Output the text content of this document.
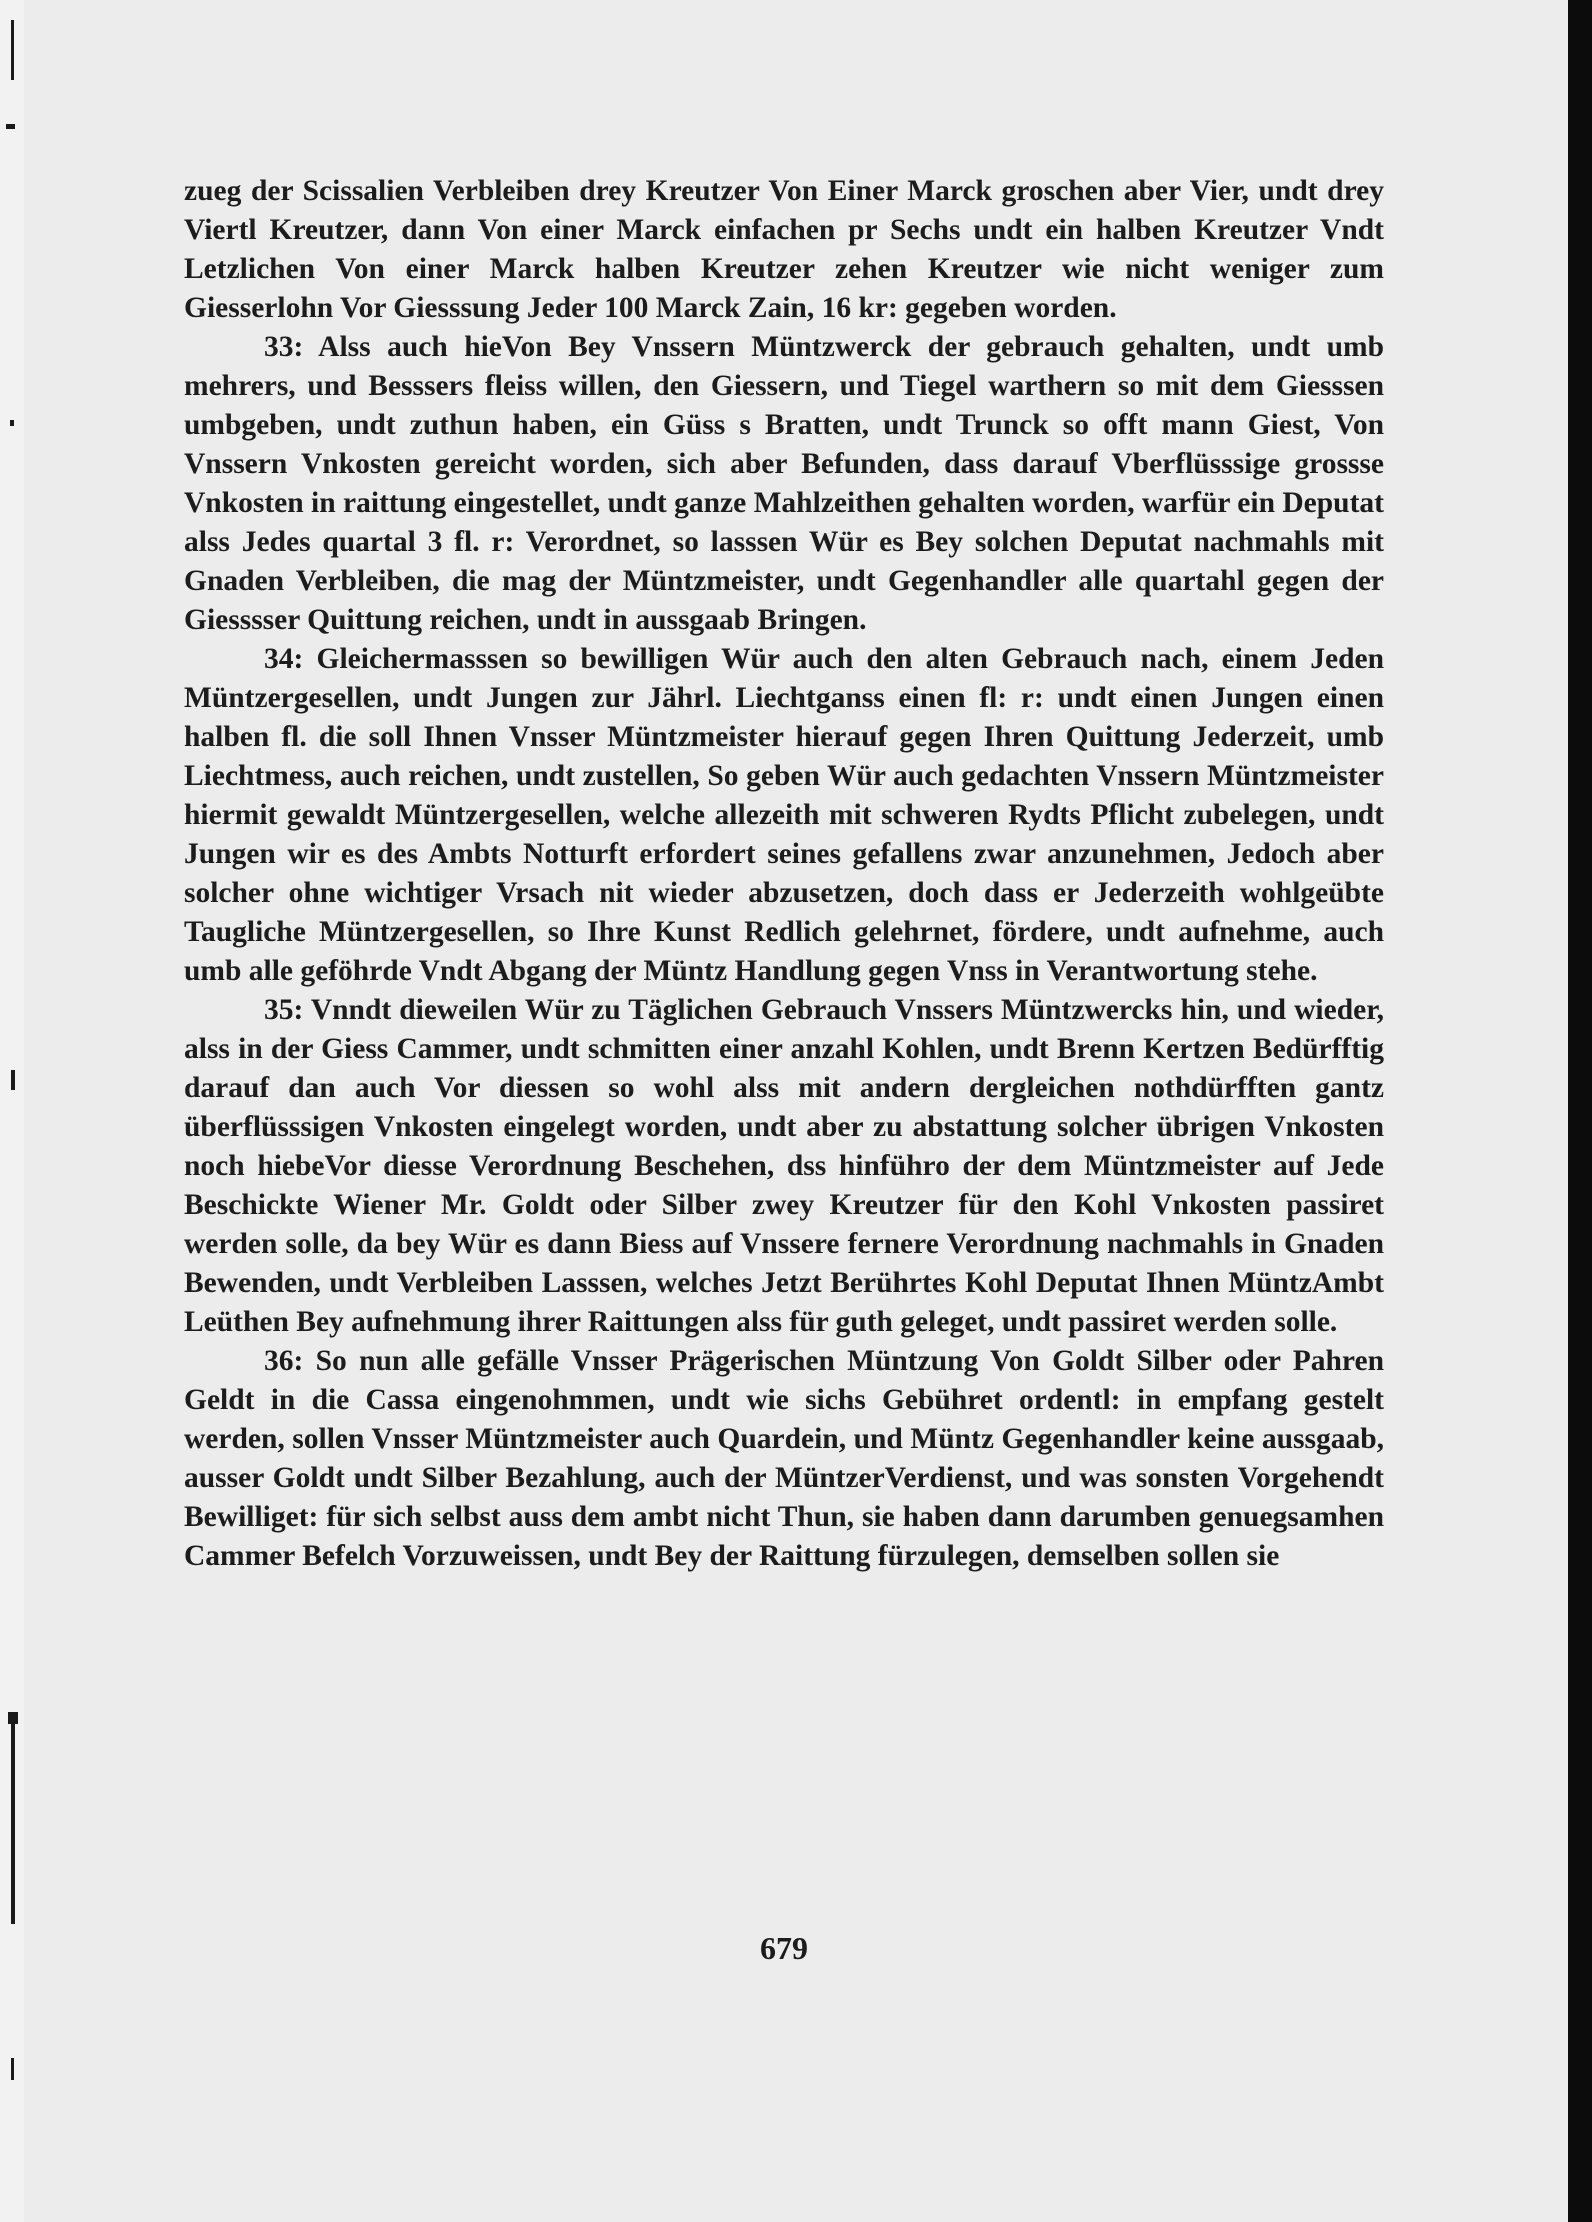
zueg der Scissalien Verbleiben drey Kreutzer Von Einer Marck groschen aber Vier, undt drey Viertl Kreutzer, dann Von einer Marck einfachen pr Sechs undt ein halben Kreutzer Vndt Letzlichen Von einer Marck halben Kreutzer zehen Kreutzer wie nicht weniger zum Giesserlohn Vor Giesssung Jeder 100 Marck Zain, 16 kr: gegeben worden.

33: Alss auch hieVon Bey Vnssern Müntzwerck der gebrauch gehalten, undt umb mehrers, und Besssers fleiss willen, den Giessern, und Tiegel warthern so mit dem Giesssen umbgeben, undt zuthun haben, ein Güss s Bratten, undt Trunck so offt mann Giest, Von Vnssern Vnkosten gereicht worden, sich aber Befunden, dass darauf Vberflüsssige grossse Vnkosten in raittung eingestellet, undt ganze Mahlzeithen gehalten worden, warfür ein Deputat alss Jedes quartal 3 fl. r: Verordnet, so lasssen Wür es Bey solchen Deputat nachmahls mit Gnaden Verbleiben, die mag der Müntzmeister, undt Gegenhandler alle quartahl gegen der Giesssser Quittung reichen, undt in aussgaab Bringen.

34: Gleichermasssen so bewilligen Wür auch den alten Gebrauch nach, einem Jeden Müntzergesellen, undt Jungen zur Jährl. Liechtganss einen fl: r: undt einen Jungen einen halben fl. die soll Ihnen Vnsser Müntzmeister hierauf gegen Ihren Quittung Jederzeit, umb Liechtmess, auch reichen, undt zustellen, So geben Wür auch gedachten Vnssern Müntzmeister hiermit gewaldt Müntzergesellen, welche allezeith mit schweren Rydts Pflicht zubelegen, undt Jungen wir es des Ambts Notturft erfordert seines gefallens zwar anzunehmen, Jedoch aber solcher ohne wichtiger Vrsach nit wieder abzusetzen, doch dass er Jederzeith wohlgeübte Taugliche Müntzergesellen, so Ihre Kunst Redlich gelehrnet, fördere, undt aufnehme, auch umb alle geföhrde Vndt Abgang der Müntz Handlung gegen Vnss in Verantwortung stehe.

35: Vnndt dieweilen Wür zu Täglichen Gebrauch Vnssers Müntzwercks hin, und wieder, alss in der Giess Cammer, undt schmitten einer anzahl Kohlen, undt Brenn Kertzen Bedürfftig darauf dan auch Vor diessen so wohl alss mit andern dergleichen nothdürfften gantz überflüsssigen Vnkosten eingelegt worden, undt aber zu abstattung solcher übrigen Vnkosten noch hiebeVor diesse Verordnung Beschehen, dss hinführo der dem Müntzmeister auf Jede Beschickte Wiener Mr. Goldt oder Silber zwey Kreutzer für den Kohl Vnkosten passiret werden solle, da bey Wür es dann Biess auf Vnssere fernere Verordnung nachmahls in Gnaden Bewenden, undt Verbleiben Lasssen, welches Jetzt Berührtes Kohl Deputat Ihnen MüntzAmbt Leüthen Bey aufnehmung ihrer Raittungen alss für guth geleget, undt passiret werden solle.

36: So nun alle gefälle Vnsser Prägerischen Müntzung Von Goldt Silber oder Pahren Geldt in die Cassa eingenohmmen, undt wie sichs Gebühret ordentl: in empfang gestelt werden, sollen Vnsser Müntzmeister auch Quardein, und Müntz Gegenhandler keine aussgaab, ausser Goldt undt Silber Bezahlung, auch der MüntzerVerdienst, und was sonsten Vorgehendt Bewilliget: für sich selbst auss dem ambt nicht Thun, sie haben dann darumben genuegsamhen Cammer Befelch Vorzuweissen, undt Bey der Raittung fürzulegen, demselben sollen sie

679
